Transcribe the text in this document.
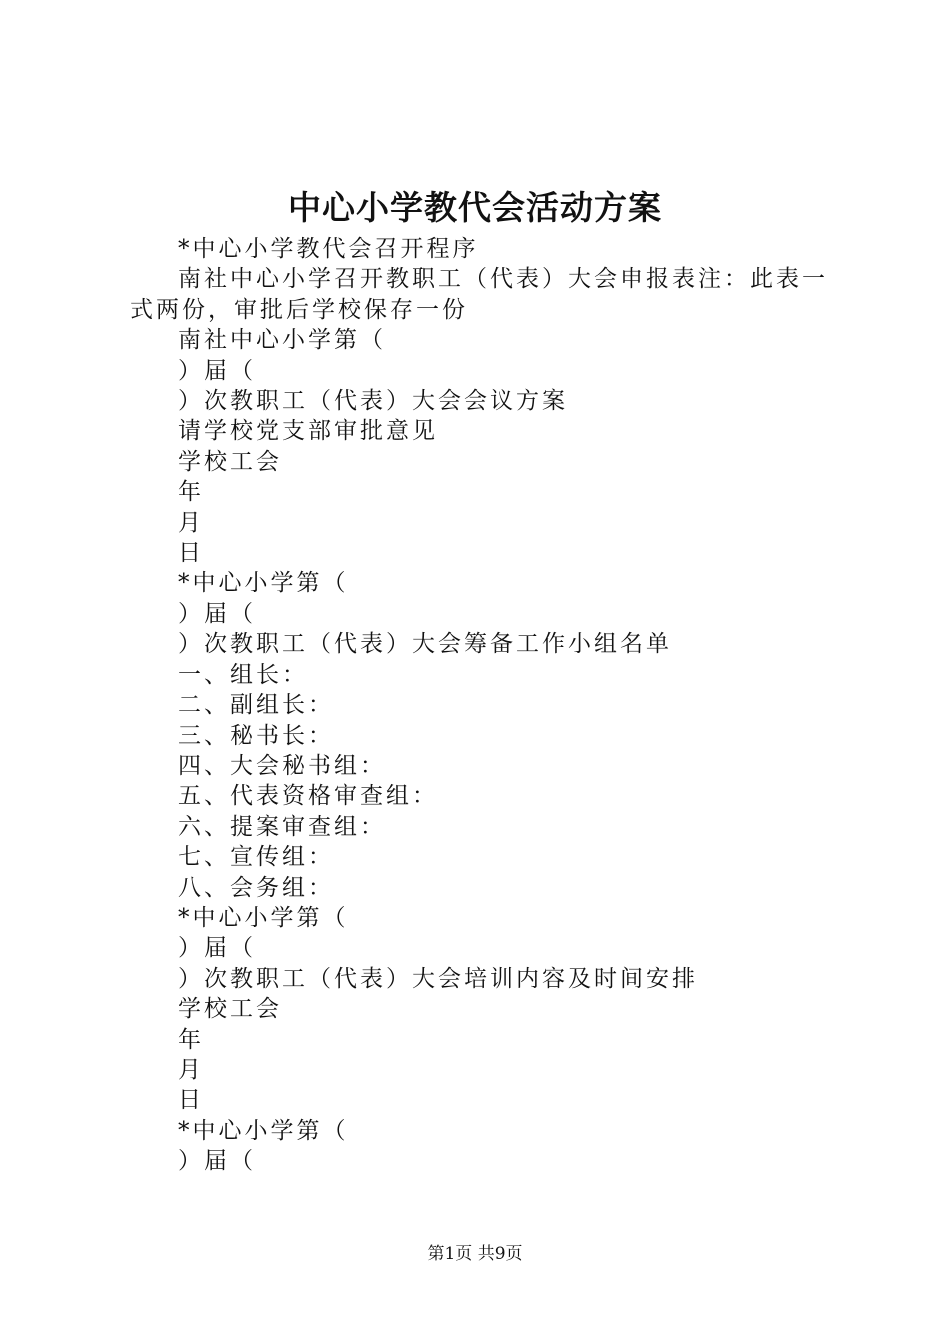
中心小学教代会活动方案
*中心小学教代会召开程序
南社中心小学召开教职工（代表）大会申报表注：此表一
式两份，审批后学校保存一份
南社中心小学第（
）届（
）次教职工（代表）大会会议方案
请学校党支部审批意见
学校工会
年
月
日
*中心小学第（
）届（
）次教职工（代表）大会筹备工作小组名单
一、组长：
二、副组长：
三、秘书长：
四、大会秘书组：
五、代表资格审查组：
六、提案审查组：
七、宣传组：
八、会务组：
*中心小学第（
）届（
）次教职工（代表）大会培训内容及时间安排
学校工会
年
月
日
*中心小学第（
）届（
第1页 共9页
